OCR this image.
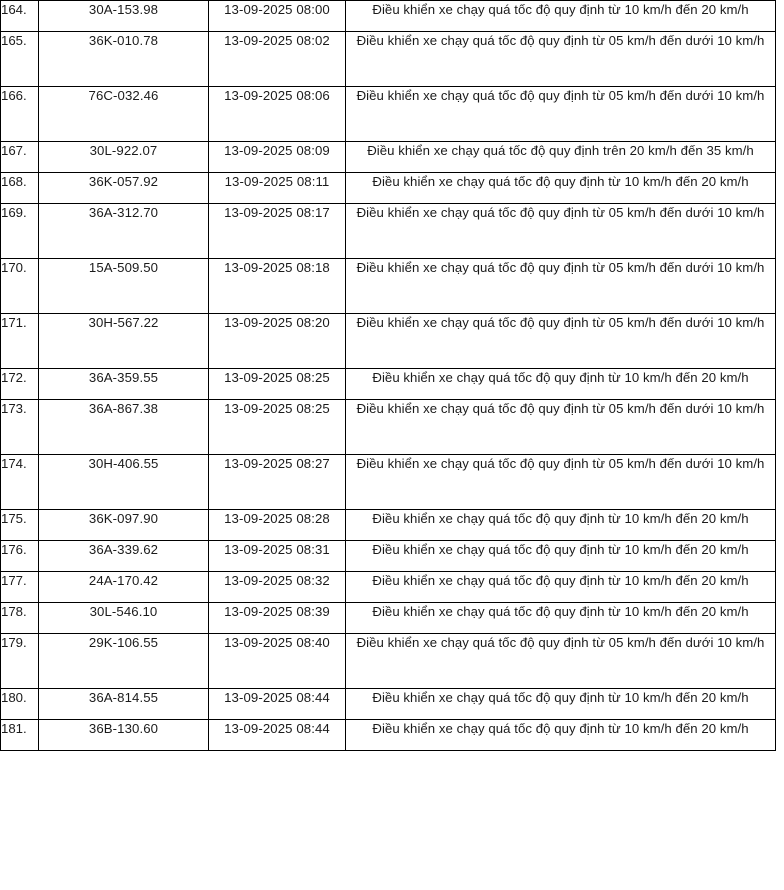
164.	30A-153.98	13-09-2025 08:00	Điều khiển xe chạy quá tốc độ quy định từ 10 km/h đến 20 km/h
165.	36K-010.78	13-09-2025 08:02	Điều khiển xe chạy quá tốc độ quy định từ 05 km/h đến dưới 10 km/h
166.	76C-032.46	13-09-2025 08:06	Điều khiển xe chạy quá tốc độ quy định từ 05 km/h đến dưới 10 km/h
167.	30L-922.07	13-09-2025 08:09	Điều khiển xe chạy quá tốc độ quy định trên 20 km/h đến 35 km/h
168.	36K-057.92	13-09-2025 08:11	Điều khiển xe chạy quá tốc độ quy định từ 10 km/h đến 20 km/h
169.	36A-312.70	13-09-2025 08:17	Điều khiển xe chạy quá tốc độ quy định từ 05 km/h đến dưới 10 km/h
170.	15A-509.50	13-09-2025 08:18	Điều khiển xe chạy quá tốc độ quy định từ 05 km/h đến dưới 10 km/h
171.	30H-567.22	13-09-2025 08:20	Điều khiển xe chạy quá tốc độ quy định từ 05 km/h đến dưới 10 km/h
172.	36A-359.55	13-09-2025 08:25	Điều khiển xe chạy quá tốc độ quy định từ 10 km/h đến 20 km/h
173.	36A-867.38	13-09-2025 08:25	Điều khiển xe chạy quá tốc độ quy định từ 05 km/h đến dưới 10 km/h
174.	30H-406.55	13-09-2025 08:27	Điều khiển xe chạy quá tốc độ quy định từ 05 km/h đến dưới 10 km/h
175.	36K-097.90	13-09-2025 08:28	Điều khiển xe chạy quá tốc độ quy định từ 10 km/h đến 20 km/h
176.	36A-339.62	13-09-2025 08:31	Điều khiển xe chạy quá tốc độ quy định từ 10 km/h đến 20 km/h
177.	24A-170.42	13-09-2025 08:32	Điều khiển xe chạy quá tốc độ quy định từ 10 km/h đến 20 km/h
178.	30L-546.10	13-09-2025 08:39	Điều khiển xe chạy quá tốc độ quy định từ 10 km/h đến 20 km/h
179.	29K-106.55	13-09-2025 08:40	Điều khiển xe chạy quá tốc độ quy định từ 05 km/h đến dưới 10 km/h
180.	36A-814.55	13-09-2025 08:44	Điều khiển xe chạy quá tốc độ quy định từ 10 km/h đến 20 km/h
181.	36B-130.60	13-09-2025 08:44	Điều khiển xe chạy quá tốc độ quy định từ 10 km/h đến 20 km/h
